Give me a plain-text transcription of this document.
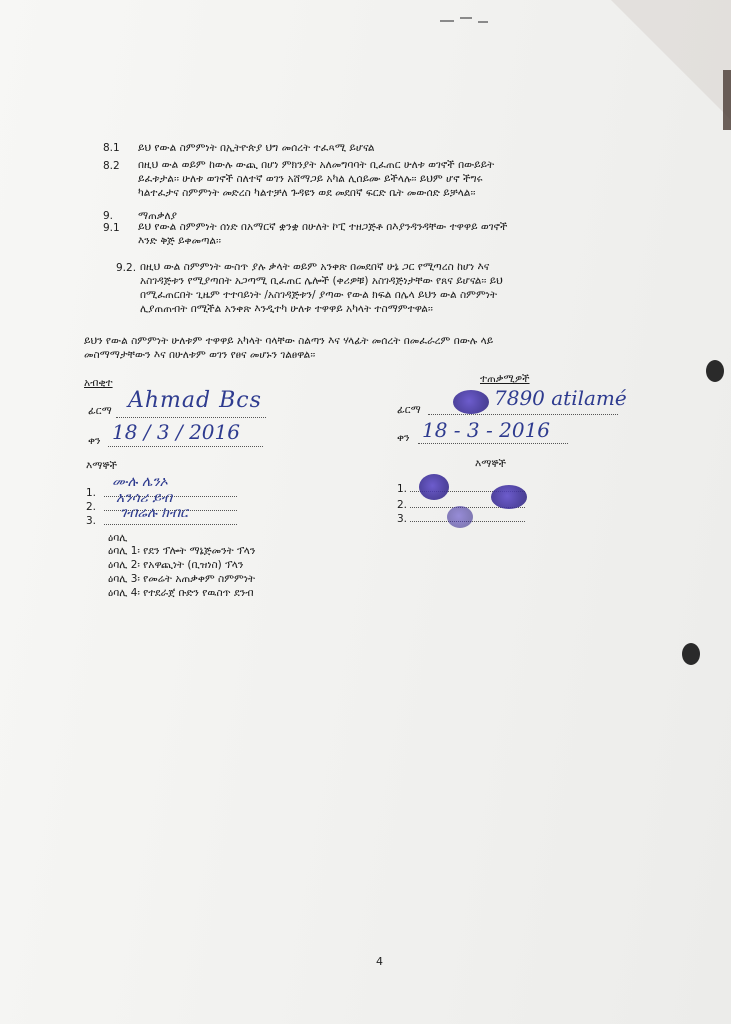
8.1 ይህ የውል ስምምነት በኢትዮጵያ ህግ መሰረት ተፈጻሚ ይሆናል
8.2 በዚህ ውል ወይም ከውሉ ውጪ በሆነ ምክንያት አለመግባባት ቢፈጠር ሁለቱ ወገኖች በውይይት
ይፈቱታል፡፡ ሁለቱ ወገኖች ስለተኛ ወገን አሸማጋይ አካል ሊሰይሙ ይችላሉ፡፡ ይህም ሆኖ ችግሩ
ካልተፈታና ስምምነት መድረስ ካልተቻለ ጉዳዩን ወደ መደበኛ ፍርድ ቤት መውሰድ ይቻላል፡፡
9. ማጠቃለያ
9.1 ይህ የውል ስምምነት ሰነድ በአማርኛ ቋንቋ በሁለት ኮፒ ተዘጋጅቶ በእያንዳንዳቸው ተዋዋይ ወገኖች
እንድ ቅጅ ይቀመጣል፡፡
9.2. በዚህ ውል ስምምነት ውስጥ ያሉ ቃላት ወይም አንቀጽ በመደበኛ ሁኔ ጋር የሚጣረስ ከሆነ እና
አስገዳጅቱን የሚያጣበት አጋጣሚ ቢፈጠር ሌሎች (ቀሪዎቹ) አስገዳጅነታቸው የጸና ይሆናል፡፡ ይህ
በሚፈጠርበት ጊዜም ተተባይነት /አስገዳጅቱን/ ያጣው የውል ክፍል በሌላ ይህን ውል ስምምነት
ሊያጠጠብት በሚችል አንቀጽ እንዲተካ ሁለቱ ተዋዋይ አካላት ተስማምተዋል፡፡
ይህን የውል ስምምነት ሁለቱም ተዋዋይ አካላት ባላቸው ስልጣን እና ሃላፊት መሰረት በመፈራረም በውሉ ላይ
መስማማታቸውን እና በሁለቱም ወገን የፀና መሆኑን ገልፀዋል፡፡
አብቂተ
ፊርማ Ahmad Bcs
ቀን 18 / 3 / 2016
እማኞች
1.
2.
3.
ሙሉ ሌንኦ
አንሳሪ ይብ
ገብሬሉ ክብር
ተጠቃሚዎች
ፊርማ	7890 atilamé
ቀን 18 - 3 - 2016
እማኞች
1.
2.
3.
ዕባሊ
ዕባሊ 1፡ የደን ፕሎት ማኔጅመንት ፕላን
ዕባሊ 2፡ የአዋጪነት (ቢዝነስ) ፕላን
ዕባሊ 3፡ የመሬት አጠቃቀም ስምምነት
ዕባሊ 4፡ የተደራጀ ቡድን የዉስጥ ደንብ
4
